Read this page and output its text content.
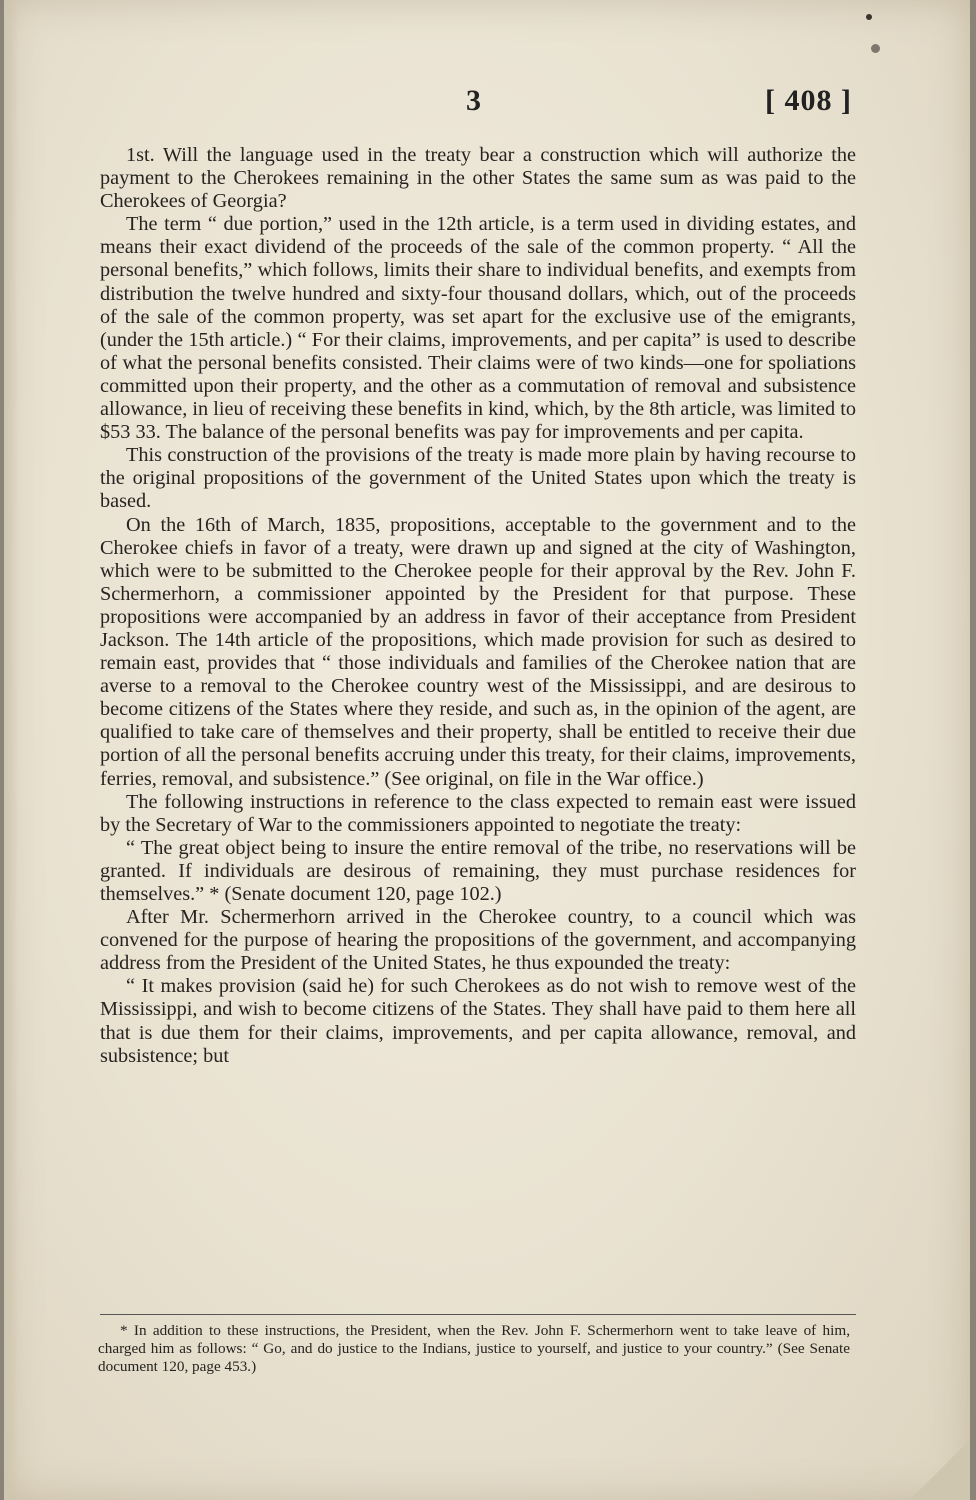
3	[ 408 ]

1st. Will the language used in the treaty bear a construction which will authorize the payment to the Cherokees remaining in the other States the same sum as was paid to the Cherokees of Georgia?

The term “ due portion,” used in the 12th article, is a term used in dividing estates, and means their exact dividend of the proceeds of the sale of the common property. “ All the personal benefits,” which follows, limits their share to individual benefits, and exempts from distribution the twelve hundred and sixty-four thousand dollars, which, out of the proceeds of the sale of the common property, was set apart for the exclusive use of the emigrants, (under the 15th article.) “ For their claims, improvements, and per capita” is used to describe of what the personal benefits consisted. Their claims were of two kinds—one for spoliations committed upon their property, and the other as a commutation of removal and subsistence allowance, in lieu of receiving these benefits in kind, which, by the 8th article, was limited to $53 33. The balance of the personal benefits was pay for improvements and per capita.

This construction of the provisions of the treaty is made more plain by having recourse to the original propositions of the government of the United States upon which the treaty is based.

On the 16th of March, 1835, propositions, acceptable to the government and to the Cherokee chiefs in favor of a treaty, were drawn up and signed at the city of Washington, which were to be submitted to the Cherokee people for their approval by the Rev. John F. Schermerhorn, a commissioner appointed by the President for that purpose. These propositions were accompanied by an address in favor of their acceptance from President Jackson. The 14th article of the propositions, which made provision for such as desired to remain east, provides that “ those individuals and families of the Cherokee nation that are averse to a removal to the Cherokee country west of the Mississippi, and are desirous to become citizens of the States where they reside, and such as, in the opinion of the agent, are qualified to take care of themselves and their property, shall be entitled to receive their due portion of all the personal benefits accruing under this treaty, for their claims, improvements, ferries, removal, and subsistence.” (See original, on file in the War office.)

The following instructions in reference to the class expected to remain east were issued by the Secretary of War to the commissioners appointed to negotiate the treaty:

“ The great object being to insure the entire removal of the tribe, no reservations will be granted. If individuals are desirous of remaining, they must purchase residences for themselves.” * (Senate document 120, page 102.)

After Mr. Schermerhorn arrived in the Cherokee country, to a council which was convened for the purpose of hearing the propositions of the government, and accompanying address from the President of the United States, he thus expounded the treaty:

“ It makes provision (said he) for such Cherokees as do not wish to remove west of the Mississippi, and wish to become citizens of the States. They shall have paid to them here all that is due them for their claims, improvements, and per capita allowance, removal, and subsistence; but

* In addition to these instructions, the President, when the Rev. John F. Schermerhorn went to take leave of him, charged him as follows: “ Go, and do justice to the Indians, justice to yourself, and justice to your country.” (See Senate document 120, page 453.)
